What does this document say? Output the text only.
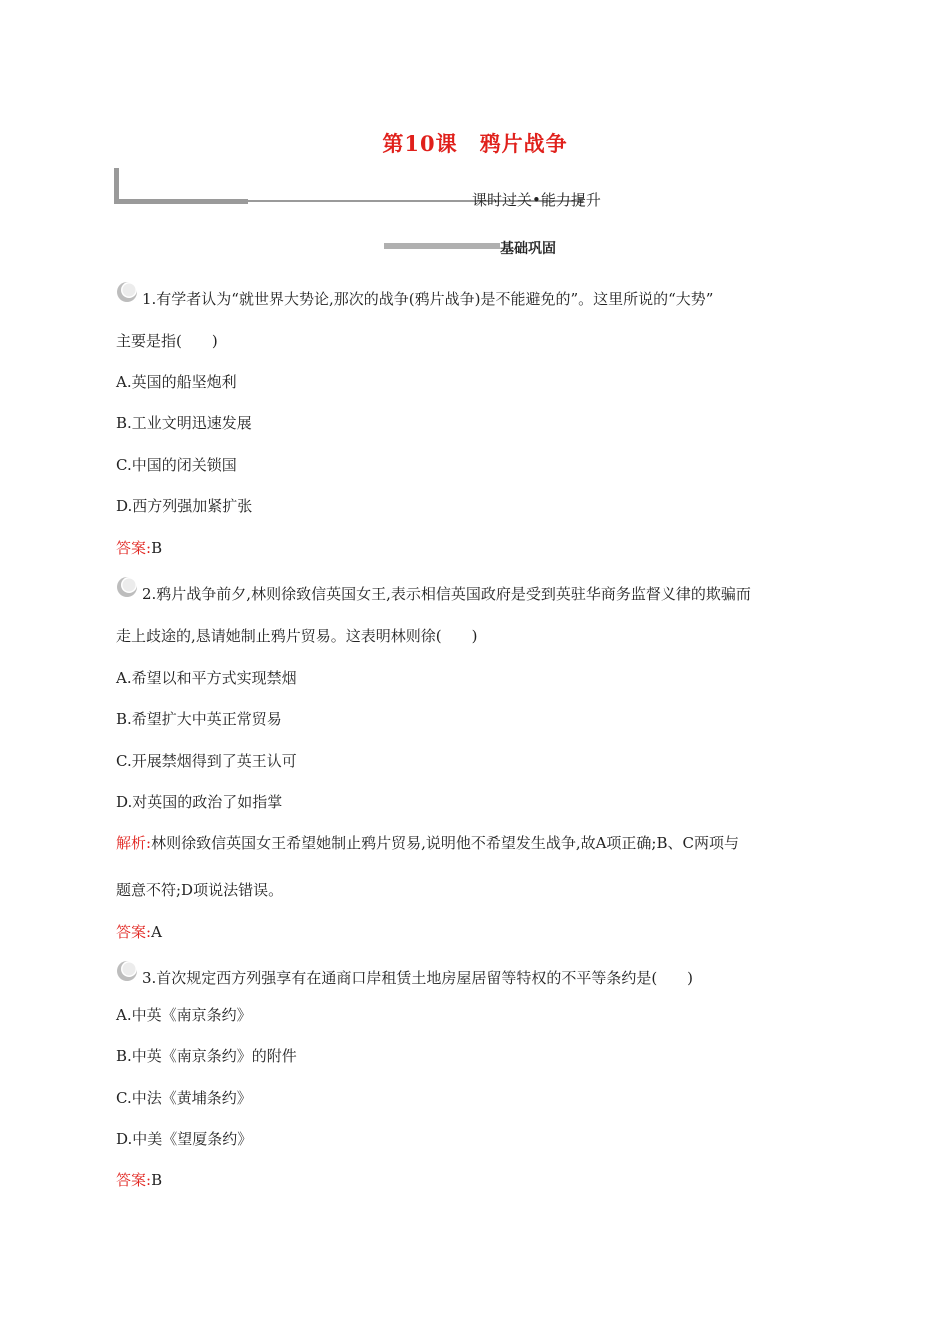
第10课　鸦片战争
课时过关•能力提升
基础巩固
1.有学者认为“就世界大势论,那次的战争(鸦片战争)是不能避免的”。这里所说的“大势”
主要是指(　　)
A.英国的船坚炮利
B.工业文明迅速发展
C.中国的闭关锁国
D.西方列强加紧扩张
答案:B
2.鸦片战争前夕,林则徐致信英国女王,表示相信英国政府是受到英驻华商务监督义律的欺骗而
走上歧途的,恳请她制止鸦片贸易。这表明林则徐(　　)
A.希望以和平方式实现禁烟
B.希望扩大中英正常贸易
C.开展禁烟得到了英王认可
D.对英国的政治了如指掌
解析:林则徐致信英国女王希望她制止鸦片贸易,说明他不希望发生战争,故A项正确;B、C两项与
题意不符;D项说法错误。
答案:A
3.首次规定西方列强享有在通商口岸租赁土地房屋居留等特权的不平等条约是(　　)
A.中英《南京条约》
B.中英《南京条约》的附件
C.中法《黄埔条约》
D.中美《望厦条约》
答案:B
